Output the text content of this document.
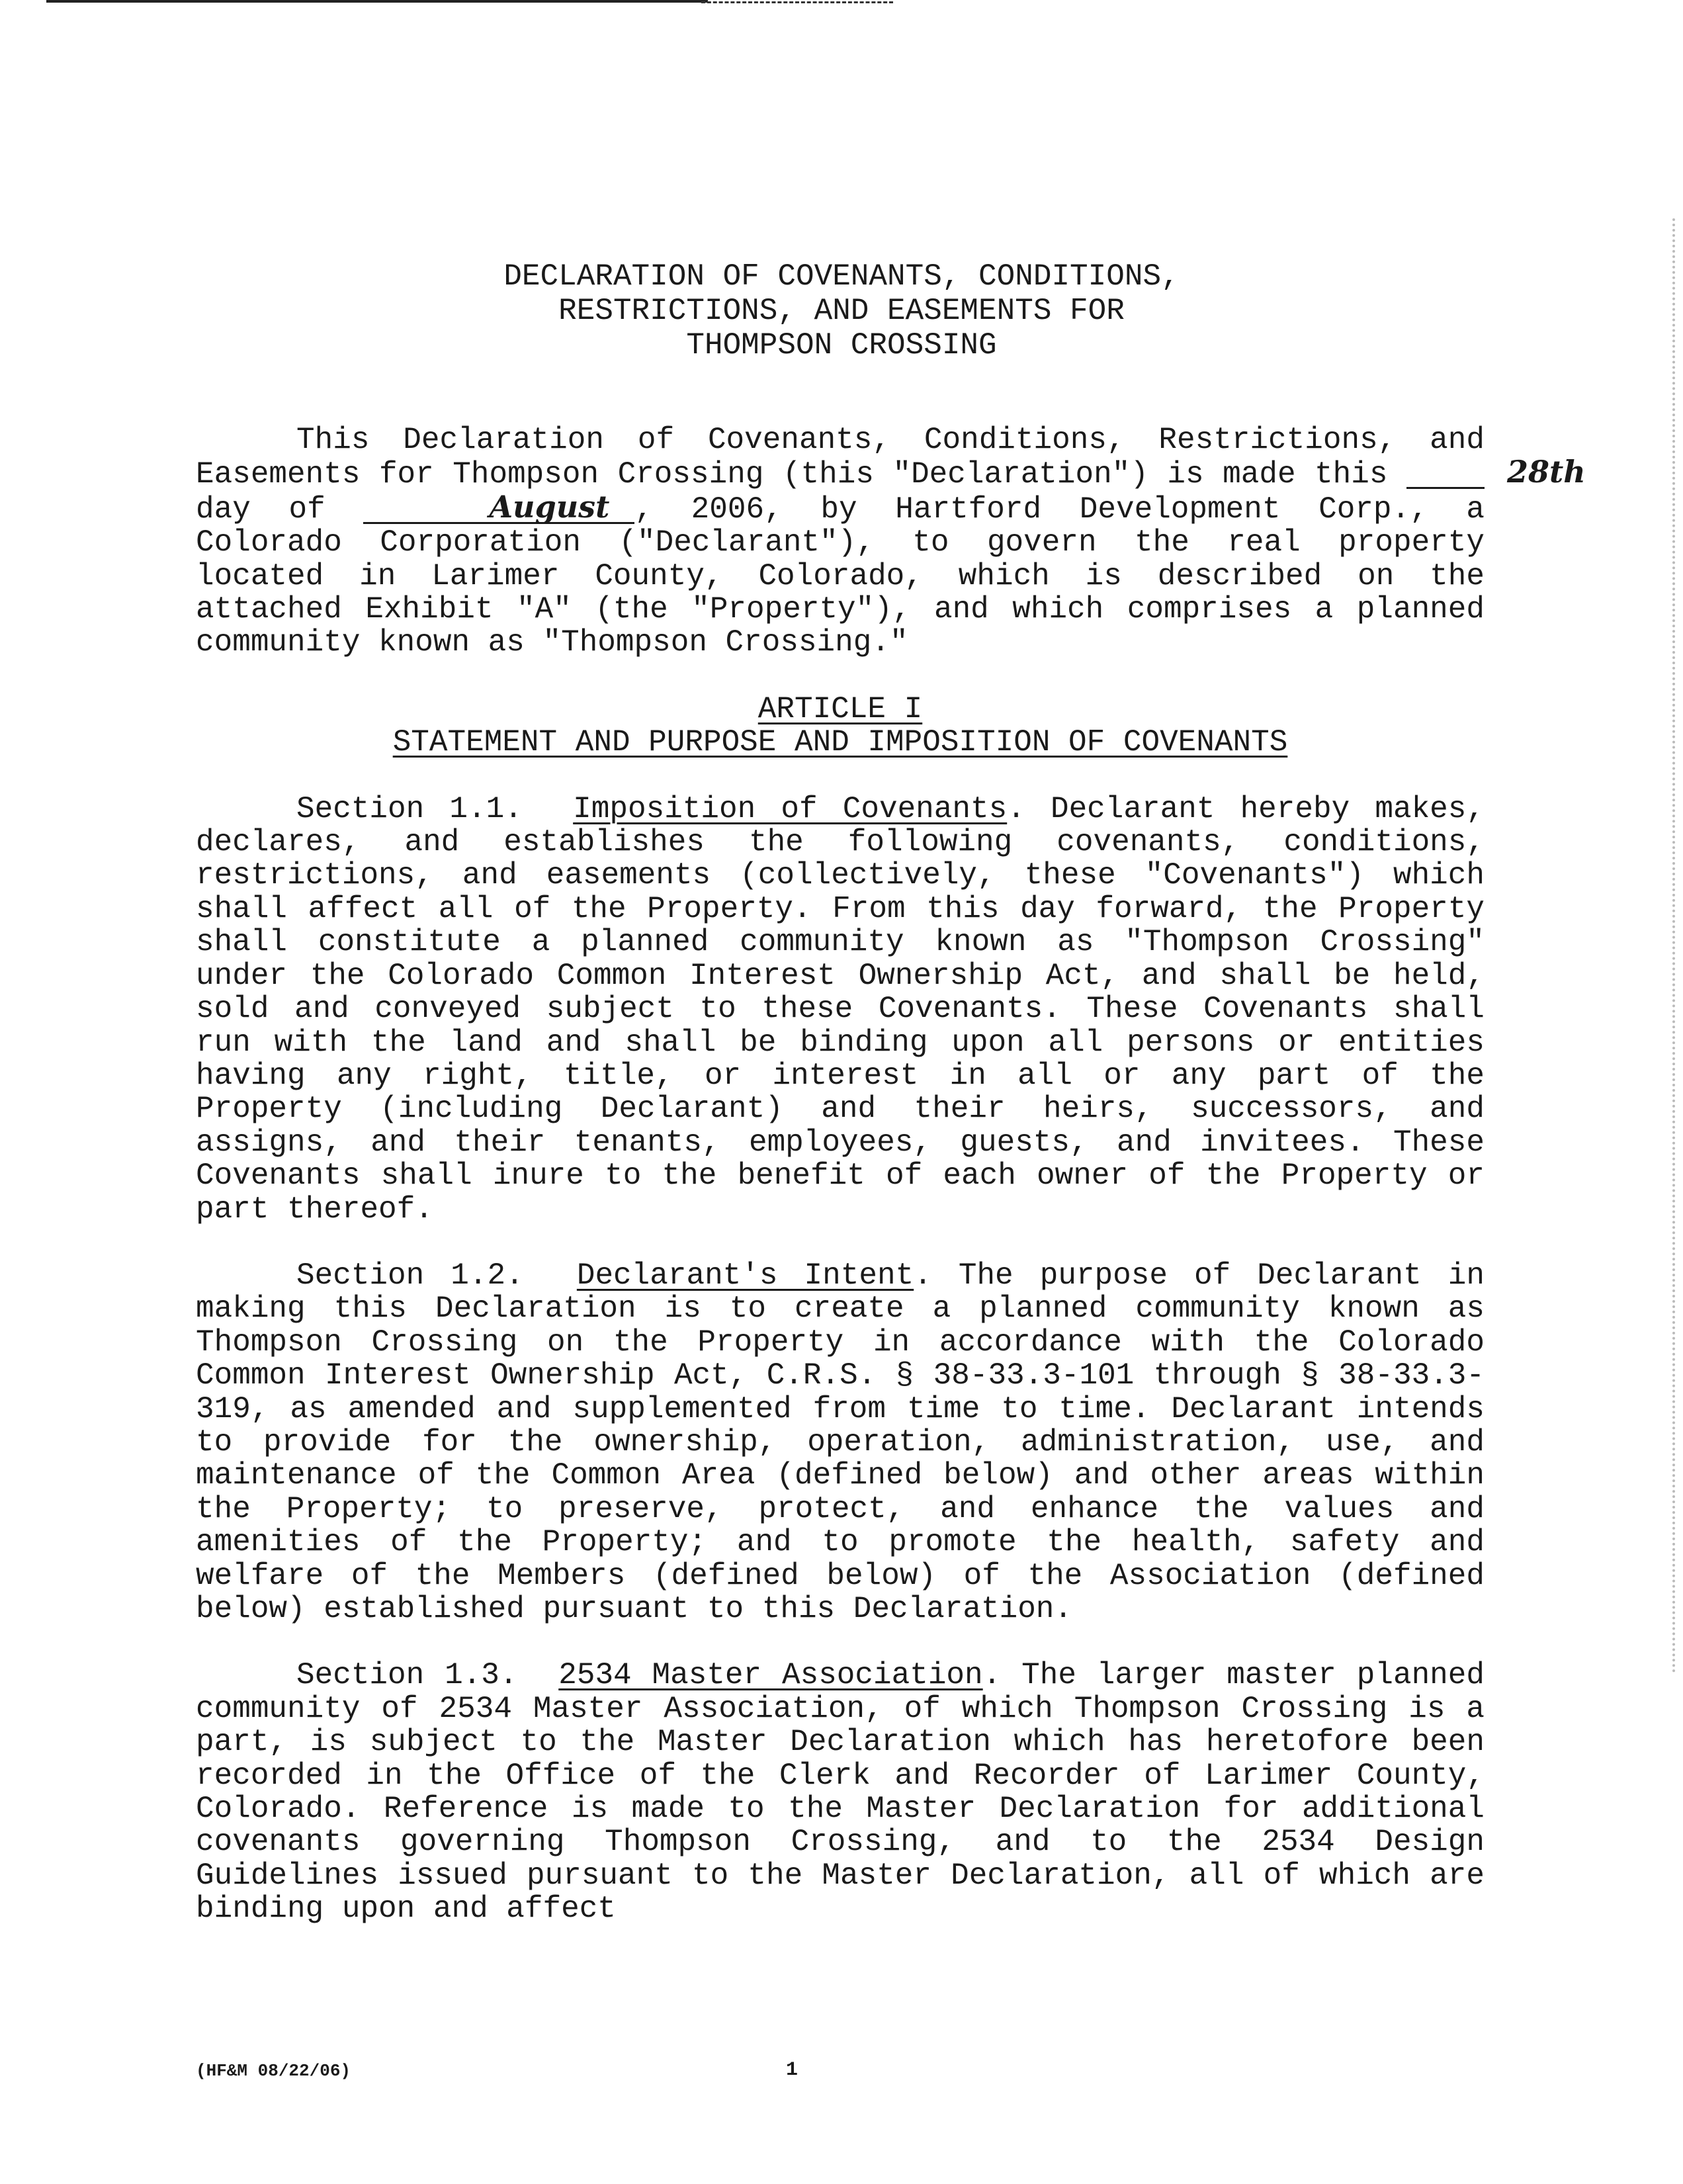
DECLARATION OF COVENANTS, CONDITIONS,
RESTRICTIONS, AND EASEMENTS FOR
THOMPSON CROSSING

This Declaration of Covenants, Conditions, Restrictions, and Easements for Thompson Crossing (this "Declaration") is made this	28thday of	August , 2006, by Hartford Development Corp., a Colorado Corporation ("Declarant"), to govern the real property located in Larimer County, Colorado, which is described on the attached Exhibit "A" (the "Property"), and which comprises a planned community known as "Thompson Crossing."

ARTICLE I
STATEMENT AND PURPOSE AND IMPOSITION OF COVENANTS

Section 1.1. Imposition of Covenants. Declarant hereby makes, declares, and establishes the following covenants, conditions, restrictions, and easements (collectively, these "Covenants") which shall affect all of the Property. From this day forward, the Property shall constitute a planned community known as "Thompson Crossing" under the Colorado Common Interest Ownership Act, and shall be held, sold and conveyed subject to these Covenants. These Covenants shall run with the land and shall be binding upon all persons or entities having any right, title, or interest in all or any part of the Property (including Declarant) and their heirs, successors, and assigns, and their tenants, employees, guests, and invitees. These Covenants shall inure to the benefit of each owner of the Property or part thereof.

Section 1.2. Declarant's Intent. The purpose of Declarant in making this Declaration is to create a planned community known as Thompson Crossing on the Property in accordance with the Colorado Common Interest Ownership Act, C.R.S. § 38-33.3-101 through § 38-33.3-319, as amended and supplemented from time to time. Declarant intends to provide for the ownership, operation, administration, use, and maintenance of the Common Area (defined below) and other areas within the Property; to preserve, protect, and enhance the values and amenities of the Property; and to promote the health, safety and welfare of the Members (defined below) of the Association (defined below) established pursuant to this Declaration.

Section 1.3. 2534 Master Association. The larger master planned community of 2534 Master Association, of which Thompson Crossing is a part, is subject to the Master Declaration which has heretofore been recorded in the Office of the Clerk and Recorder of Larimer County, Colorado. Reference is made to the Master Declaration for additional covenants governing Thompson Crossing, and to the 2534 Design Guidelines issued pursuant to the Master Declaration, all of which are binding upon and affect

(HF&M 08/22/06)	1
